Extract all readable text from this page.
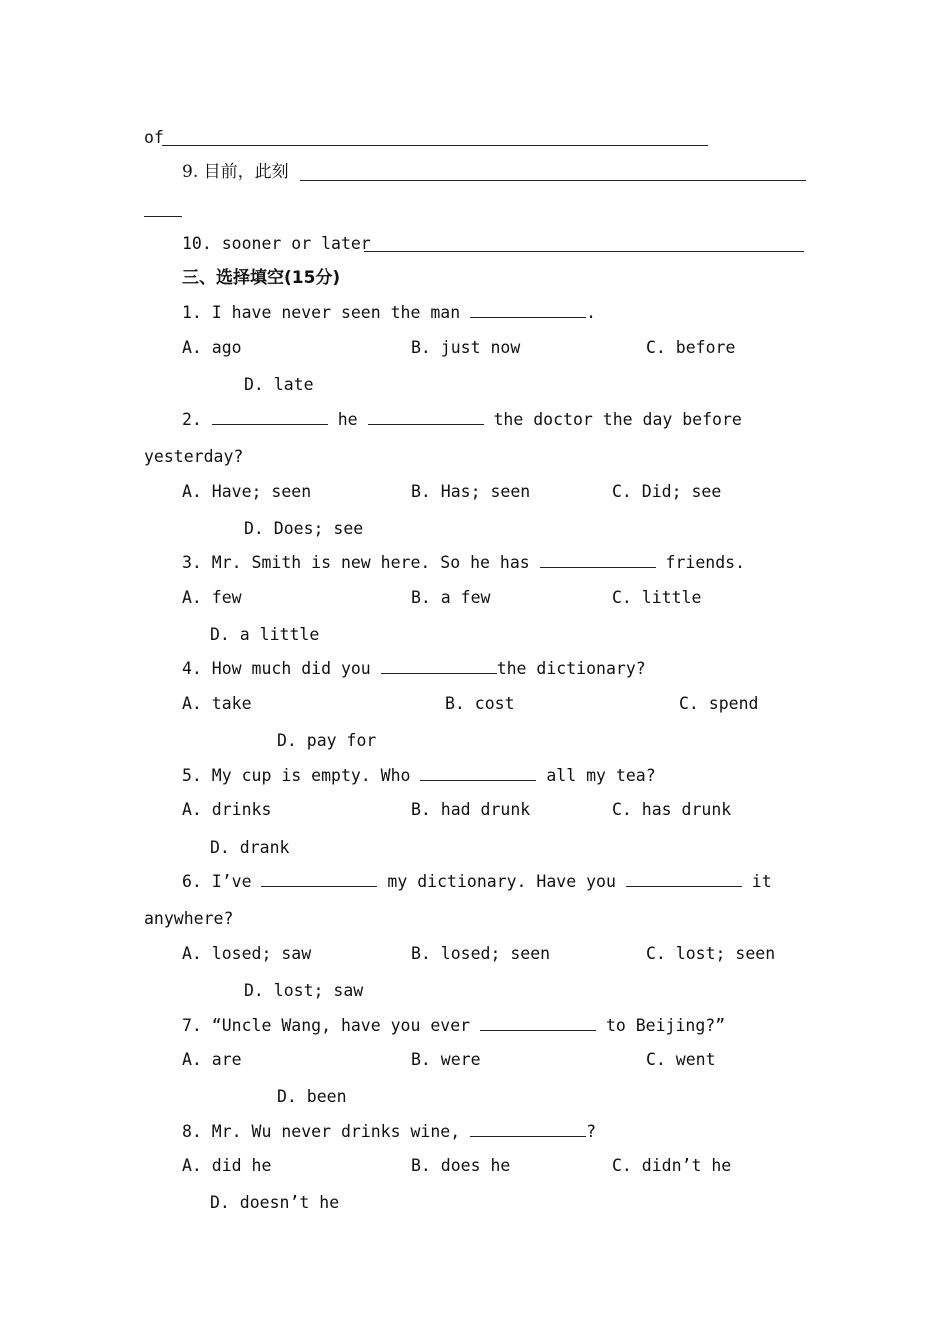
of
9. 目前，此刻
10. sooner or later
三、选择填空(15分)
1. I have never seen the man	.
A. ago	B. just now	C. before
D. late
2.	he	the doctor the day before
yesterday?
A. Have; seen	B. Has; seen	C. Did; see
D. Does; see
3. Mr. Smith is new here. So he has	friends.
A. few	B. a few	C. little
D. a little
4. How much did you	the dictionary?
A. take	B. cost	C. spend
D. pay for
5. My cup is empty. Who	all my tea?
A. drinks	B. had drunk	C. has drunk
D. drank
6. I’ve	my dictionary. Have you	it
anywhere?
A. losed; saw	B. losed; seen	C. lost; seen
D. lost; saw
7. “Uncle Wang, have you ever	to Beijing?”
A. are	B. were	C. went
D. been
8. Mr. Wu never drinks wine,	?
A. did he	B. does he	C. didn’t he
D. doesn’t he
